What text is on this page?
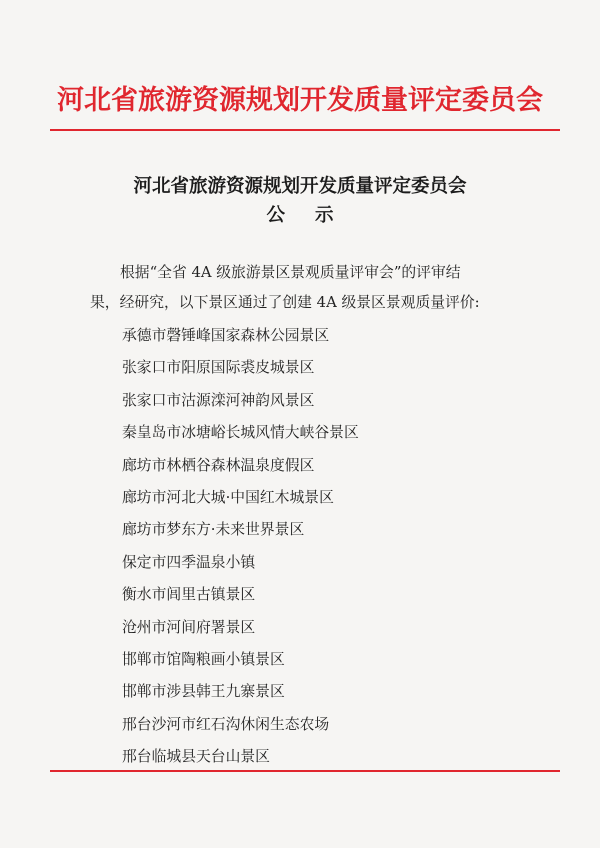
河北省旅游资源规划开发质量评定委员会
河北省旅游资源规划开发质量评定委员会
公示
根据“全省 4A 级旅游景区景观质量评审会”的评审结
果，经研究，以下景区通过了创建 4A 级景区景观质量评价:
承德市磬锤峰国家森林公园景区
张家口市阳原国际裘皮城景区
张家口市沽源滦河神韵风景区
秦皇岛市冰塘峪长城风情大峡谷景区
廊坊市林栖谷森林温泉度假区
廊坊市河北大城·中国红木城景区
廊坊市梦东方·未来世界景区
保定市四季温泉小镇
衡水市闾里古镇景区
沧州市河间府署景区
邯郸市馆陶粮画小镇景区
邯郸市涉县韩王九寨景区
邢台沙河市红石沟休闲生态农场
邢台临城县天台山景区
